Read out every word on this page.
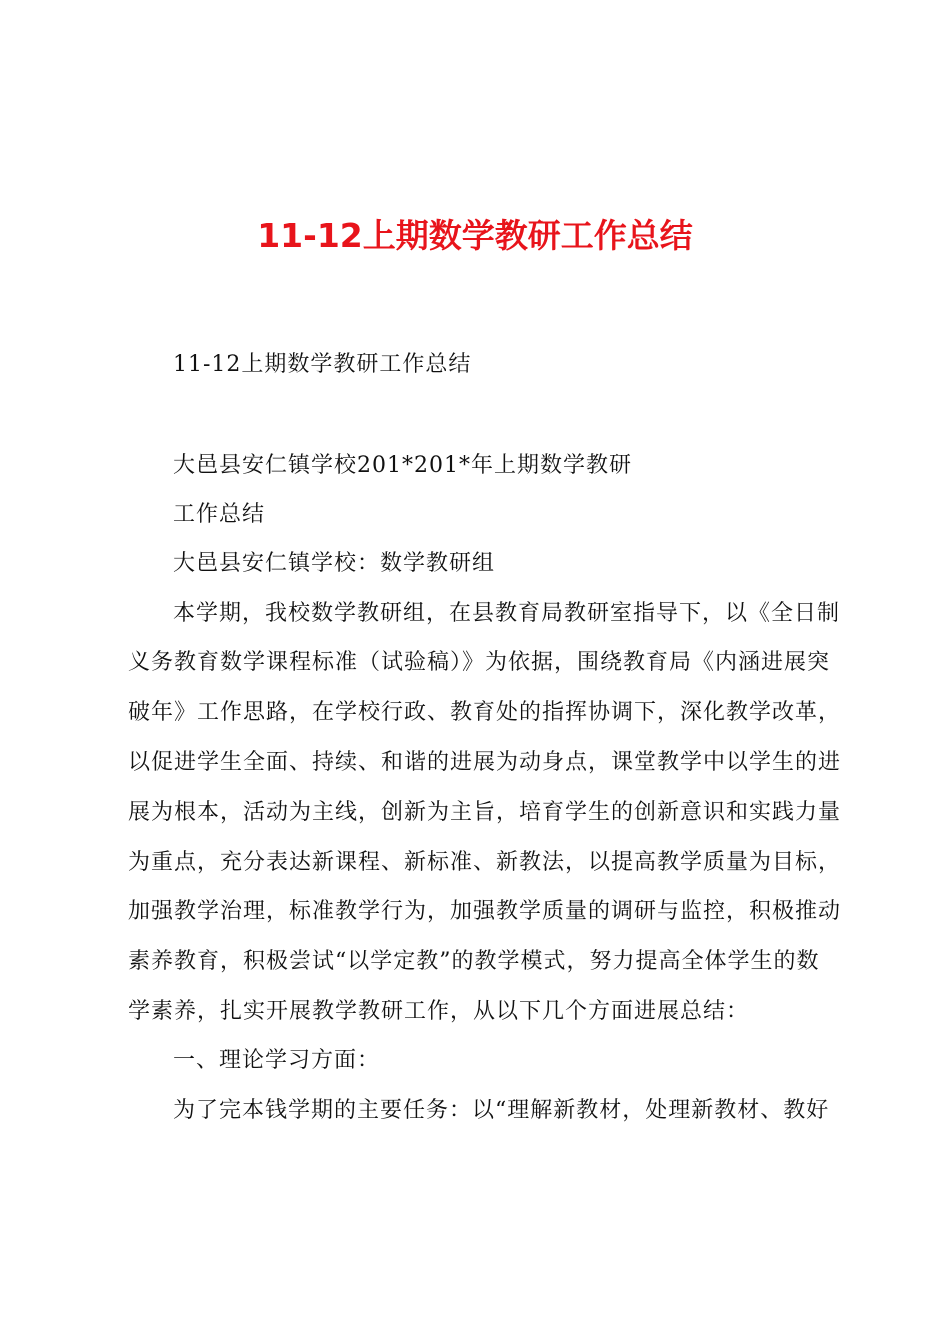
11-12上期数学教研工作总结
11-12上期数学教研工作总结
大邑县安仁镇学校201*201*年上期数学教研
工作总结
大邑县安仁镇学校：数学教研组
本学期，我校数学教研组，在县教育局教研室指导下，以《全日制
义务教育数学课程标准（试验稿）》为依据，围绕教育局《内涵进展突
破年》工作思路，在学校行政、教育处的指挥协调下，深化教学改革，
以促进学生全面、持续、和谐的进展为动身点，课堂教学中以学生的进
展为根本，活动为主线，创新为主旨，培育学生的创新意识和实践力量
为重点，充分表达新课程、新标准、新教法，以提高教学质量为目标，
加强教学治理，标准教学行为，加强教学质量的调研与监控，积极推动
素养教育，积极尝试“以学定教”的教学模式，努力提高全体学生的数
学素养，扎实开展教学教研工作，从以下几个方面进展总结：
一、理论学习方面：
为了完本钱学期的主要任务：以“理解新教材，处理新教材、教好
